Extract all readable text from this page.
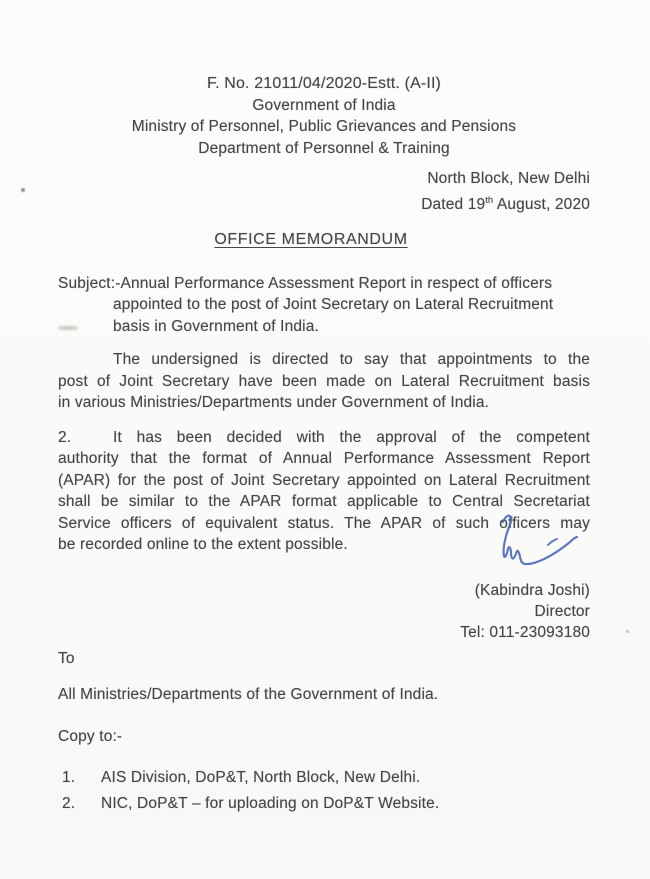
F. No. 21011/04/2020-Estt. (A-II)
Government of India
Ministry of Personnel, Public Grievances and Pensions
Department of Personnel & Training
North Block, New Delhi
Dated 19th August, 2020
OFFICE MEMORANDUM
Subject:-Annual Performance Assessment Report in respect of officers
appointed to the post of Joint Secretary on Lateral Recruitment
basis in Government of India.
The undersigned is directed to say that appointments to the
post of Joint Secretary have been made on Lateral Recruitment basis
in various Ministries/Departments under Government of India.
2.	It has been decided with the approval of the competent
authority that the format of Annual Performance Assessment Report
(APAR) for the post of Joint Secretary appointed on Lateral Recruitment
shall be similar to the APAR format applicable to Central Secretariat
Service officers of equivalent status. The APAR of such officers may
be recorded online to the extent possible.
(Kabindra Joshi)
Director
Tel: 011-23093180
To
All Ministries/Departments of the Government of India.
Copy to:-
1.	AIS Division, DoP&T, North Block, New Delhi.
2.	NIC, DoP&T – for uploading on DoP&T Website.
